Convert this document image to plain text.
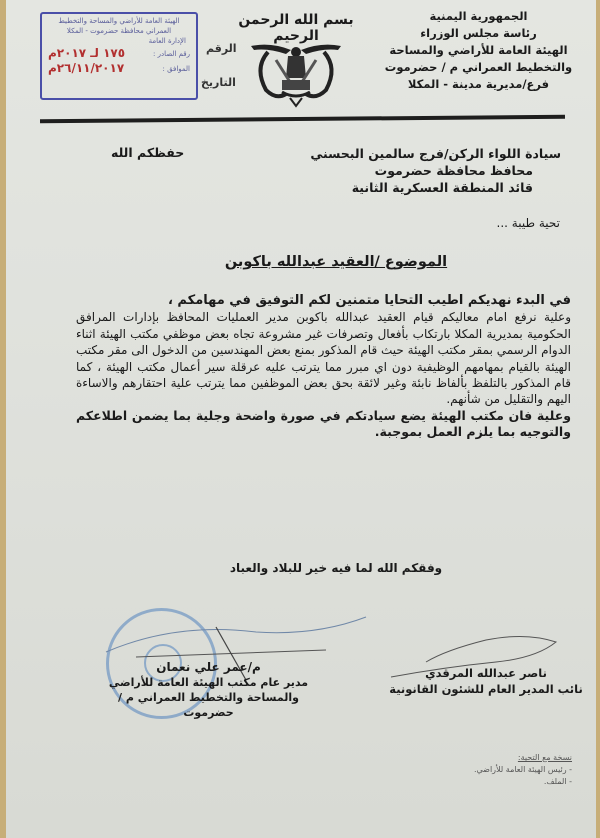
الجمهورية اليمنية
رئاسة مجلس الوزراء
الهيئة العامة للأراضي والمساحة
والتخطيط العمراني م / حضرموت
فرع/مديرية مدينة - المكلا
بسم الله الرحمن الرحيم
الرقم
التاريخ
الهيئة العامة للأراضي والمساحة والتخطيط
العمراني محافظة حضرموت - المكلا
الإدارة العامة
رقم الصادر :
١٧٥ لـ ٢٠١٧م
الموافق :
٢٦/١١/٢٠١٧م
سيادة اللواء الركن/فرج سالمين البحسني
محافظ محافظة حضرموت
قائد المنطقة العسكرية الثانية
حفظكم الله
تحية طيبة ...
الموضوع /العقيد عبدالله باكوبن
في البدء نهديكم اطيب التحايا متمنين لكم التوفيق في مهامكم ،
وعلية نرفع امام معاليكم قيام العقيد عبدالله باكوبن مدير العمليات المحافظ بإدارات المرافق الحكومية بمديرية المكلا بارتكاب بأفعال وتصرفات غير مشروعة تجاه بعض موظفي مكتب الهيئة اثناء الدوام الرسمي بمقر مكتب الهيئة حيث قام المذكور بمنع بعض المهندسين من الدخول الى مقر مكتب الهيئة بالقيام بمهامهم الوظيفية دون اي مبرر مما يترتب عليه عرقلة سير أعمال مكتب الهيئة ، كما قام المذكور بالتلفظ بألفاظ نابئة وغير لائقة بحق بعض الموظفين مما يترتب علية احتقارهم والاساءة اليهم والتقليل من شأنهم.
وعلية فان مكتب الهيئة يضع سيادتكم في صورة واضحة وجلية بما يضمن اطلاعكم والتوجيه بما يلزم العمل بموجبة.
وفقكم الله لما فيه خير للبلاد والعباد
م/عمر علي نعمان
مدير عام مكتب الهيئة العامة للأراضي
والمساحة والتخطيط العمراني م / حضرموت
ناصر عبدالله المرقدي
نائب المدير العام للشئون القانونية
نسخة مع التحية:
- رئيس الهيئة العامة للأراضي.
- الملف.
